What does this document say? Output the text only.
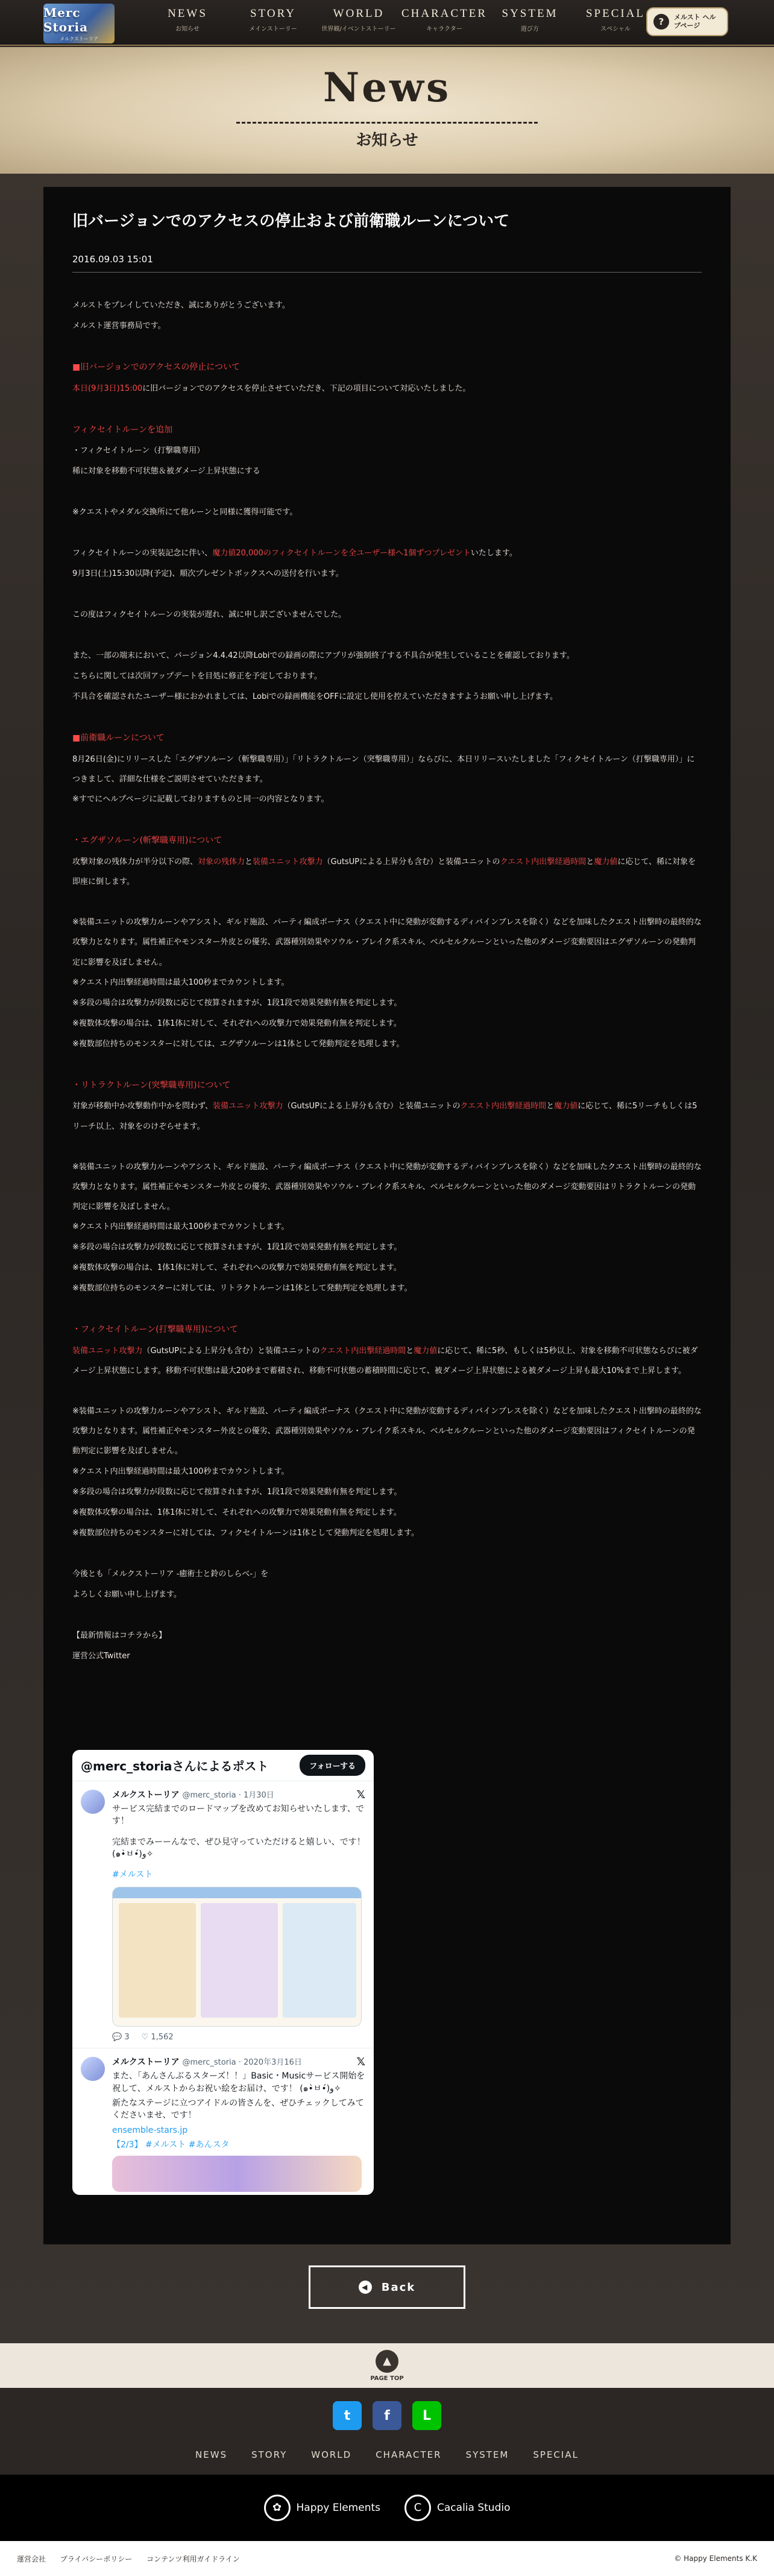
Merc Storia
メルクストーリア
NEWS
お知らせ
STORY
メインストーリー
WORLD
世界観/イベントストーリー
CHARACTER
キャラクター
SYSTEM
遊び方
SPECIAL
スペシャル
?	メルスト ヘルプページ
News
お知らせ
旧バージョンでのアクセスの停止および前衛職ルーンについて
2016.09.03 15:01

メルストをプレイしていただき、誠にありがとうございます。

メルスト運営事務局です。

■旧バージョンでのアクセスの停止について

本日(9月3日)15:00に旧バージョンでのアクセスを停止させていただき、下記の項目について対応いたしました。

フィクセイトルーンを追加

・フィクセイトルーン（打撃職専用）

稀に対象を移動不可状態＆被ダメージ上昇状態にする

※クエストやメダル交換所にて他ルーンと同様に獲得可能です。

フィクセイトルーンの実装記念に伴い、魔力値20,000のフィクセイトルーンを全ユーザー様へ1個ずつプレゼントいたします。

9月3日(土)15:30以降(予定)、順次プレゼントボックスへの送付を行います。

この度はフィクセイトルーンの実装が遅れ、誠に申し訳ございませんでした。

また、一部の端末において、バージョン4.4.42以降Lobiでの録画の際にアプリが強制終了する不具合が発生していることを確認しております。

こちらに関しては次回アップデートを目処に修正を予定しております。

不具合を確認されたユーザー様におかれましては、Lobiでの録画機能をOFFに設定し使用を控えていただきますようお願い申し上げます。

■前衛職ルーンについて

8月26日(金)にリリースした「エグザソルーン（斬撃職専用）」「リトラクトルーン（突撃職専用）」ならびに、本日リリースいたしました「フィクセイトルーン（打撃職専用）」につきまして、詳細な仕様をご説明させていただきます。

※すでにヘルプページに記載しておりますものと同一の内容となります。

・エグザソルーン(斬撃職専用)について

攻撃対象の残体力が半分以下の際、対象の残体力と装備ユニット攻撃力（GutsUPによる上昇分も含む）と装備ユニットのクエスト内出撃経過時間と魔力値に応じて、稀に対象を即座に倒します。

※装備ユニットの攻撃力ルーンやアシスト、ギルド施設、パーティ編成ボーナス（クエスト中に発動が変動するディバインブレスを除く）などを加味したクエスト出撃時の最終的な攻撃力となります。属性補正やモンスター外皮との優劣、武器種別効果やソウル・ブレイク系スキル、ベルセルクルーンといった他のダメージ変動要因はエグザソルーンの発動判定に影響を及ぼしません。

※クエスト内出撃経過時間は最大100秒までカウントします。

※多段の場合は攻撃力が段数に応じて按算されますが、1段1段で効果発動有無を判定します。

※複数体攻撃の場合は、1体1体に対して、それぞれへの攻撃力で効果発動有無を判定します。

※複数部位持ちのモンスターに対しては、エグザソルーンは1体として発動判定を処理します。

・リトラクトルーン(突撃職専用)について

対象が移動中か攻撃動作中かを問わず、装備ユニット攻撃力（GutsUPによる上昇分も含む）と装備ユニットのクエスト内出撃経過時間と魔力値に応じて、稀に5リーチもしくは5リーチ以上、対象をのけぞらせます。

※装備ユニットの攻撃力ルーンやアシスト、ギルド施設、パーティ編成ボーナス（クエスト中に発動が変動するディバインブレスを除く）などを加味したクエスト出撃時の最終的な攻撃力となります。属性補正やモンスター外皮との優劣、武器種別効果やソウル・ブレイク系スキル、ベルセルクルーンといった他のダメージ変動要因はリトラクトルーンの発動判定に影響を及ぼしません。

※クエスト内出撃経過時間は最大100秒までカウントします。

※多段の場合は攻撃力が段数に応じて按算されますが、1段1段で効果発動有無を判定します。

※複数体攻撃の場合は、1体1体に対して、それぞれへの攻撃力で効果発動有無を判定します。

※複数部位持ちのモンスターに対しては、リトラクトルーンは1体として発動判定を処理します。

・フィクセイトルーン(打撃職専用)について

装備ユニット攻撃力（GutsUPによる上昇分も含む）と装備ユニットのクエスト内出撃経過時間と魔力値に応じて、稀に5秒、もしくは5秒以上、対象を移動不可状態ならびに被ダメージ上昇状態にします。移動不可状態は最大20秒まで蓄積され、移動不可状態の蓄積時間に応じて、被ダメージ上昇状態による被ダメージ上昇も最大10%まで上昇します。

※装備ユニットの攻撃力ルーンやアシスト、ギルド施設、パーティ編成ボーナス（クエスト中に発動が変動するディバインブレスを除く）などを加味したクエスト出撃時の最終的な攻撃力となります。属性補正やモンスター外皮との優劣、武器種別効果やソウル・ブレイク系スキル、ベルセルクルーンといった他のダメージ変動要因はフィクセイトルーンの発動判定に影響を及ぼしません。

※クエスト内出撃経過時間は最大100秒までカウントします。

※多段の場合は攻撃力が段数に応じて按算されますが、1段1段で効果発動有無を判定します。

※複数体攻撃の場合は、1体1体に対して、それぞれへの攻撃力で効果発動有無を判定します。

※複数部位持ちのモンスターに対しては、フィクセイトルーンは1体として発動判定を処理します。

今後とも「メルクストーリア -癒術士と鈴のしらべ-」を

よろしくお願い申し上げます。

【最新情報はコチラから】

運営公式Twitter

@merc_storiaさんによるポスト	フォローする
𝕏
メルクストーリア @merc_storia · 1月30日
サービス完結までのロードマップを改めてお知らせいたします、です！
完結までみーーんなで、ぜひ見守っていただけると嬉しい、です！ (๑•̀ㅂ•́)و✧
#メルスト
💬 3 ♡ 1,562
𝕏
メルクストーリア @merc_storia · 2020年3月16日
また、「あんさんぶるスターズ！！」Basic・Musicサービス開始を祝して、メルストからお祝い絵をお届け、です！ (๑•̀ㅂ•́)و✧
新たなステージに立つアイドルの皆さんを、ぜひチェックしてみてくださいませ、です！
ensemble-stars.jp
【2/3】 #メルスト #あんスタ
◀ Back
▲
PAGE TOP
t	f	L
NEWS	STORY	WORLD	CHARACTER	SYSTEM	SPECIAL
✿	Happy Elements	C	Cacalia Studio
運営会社 プライバシーポリシー コンテンツ利用ガイドライン	© Happy Elements K.K
